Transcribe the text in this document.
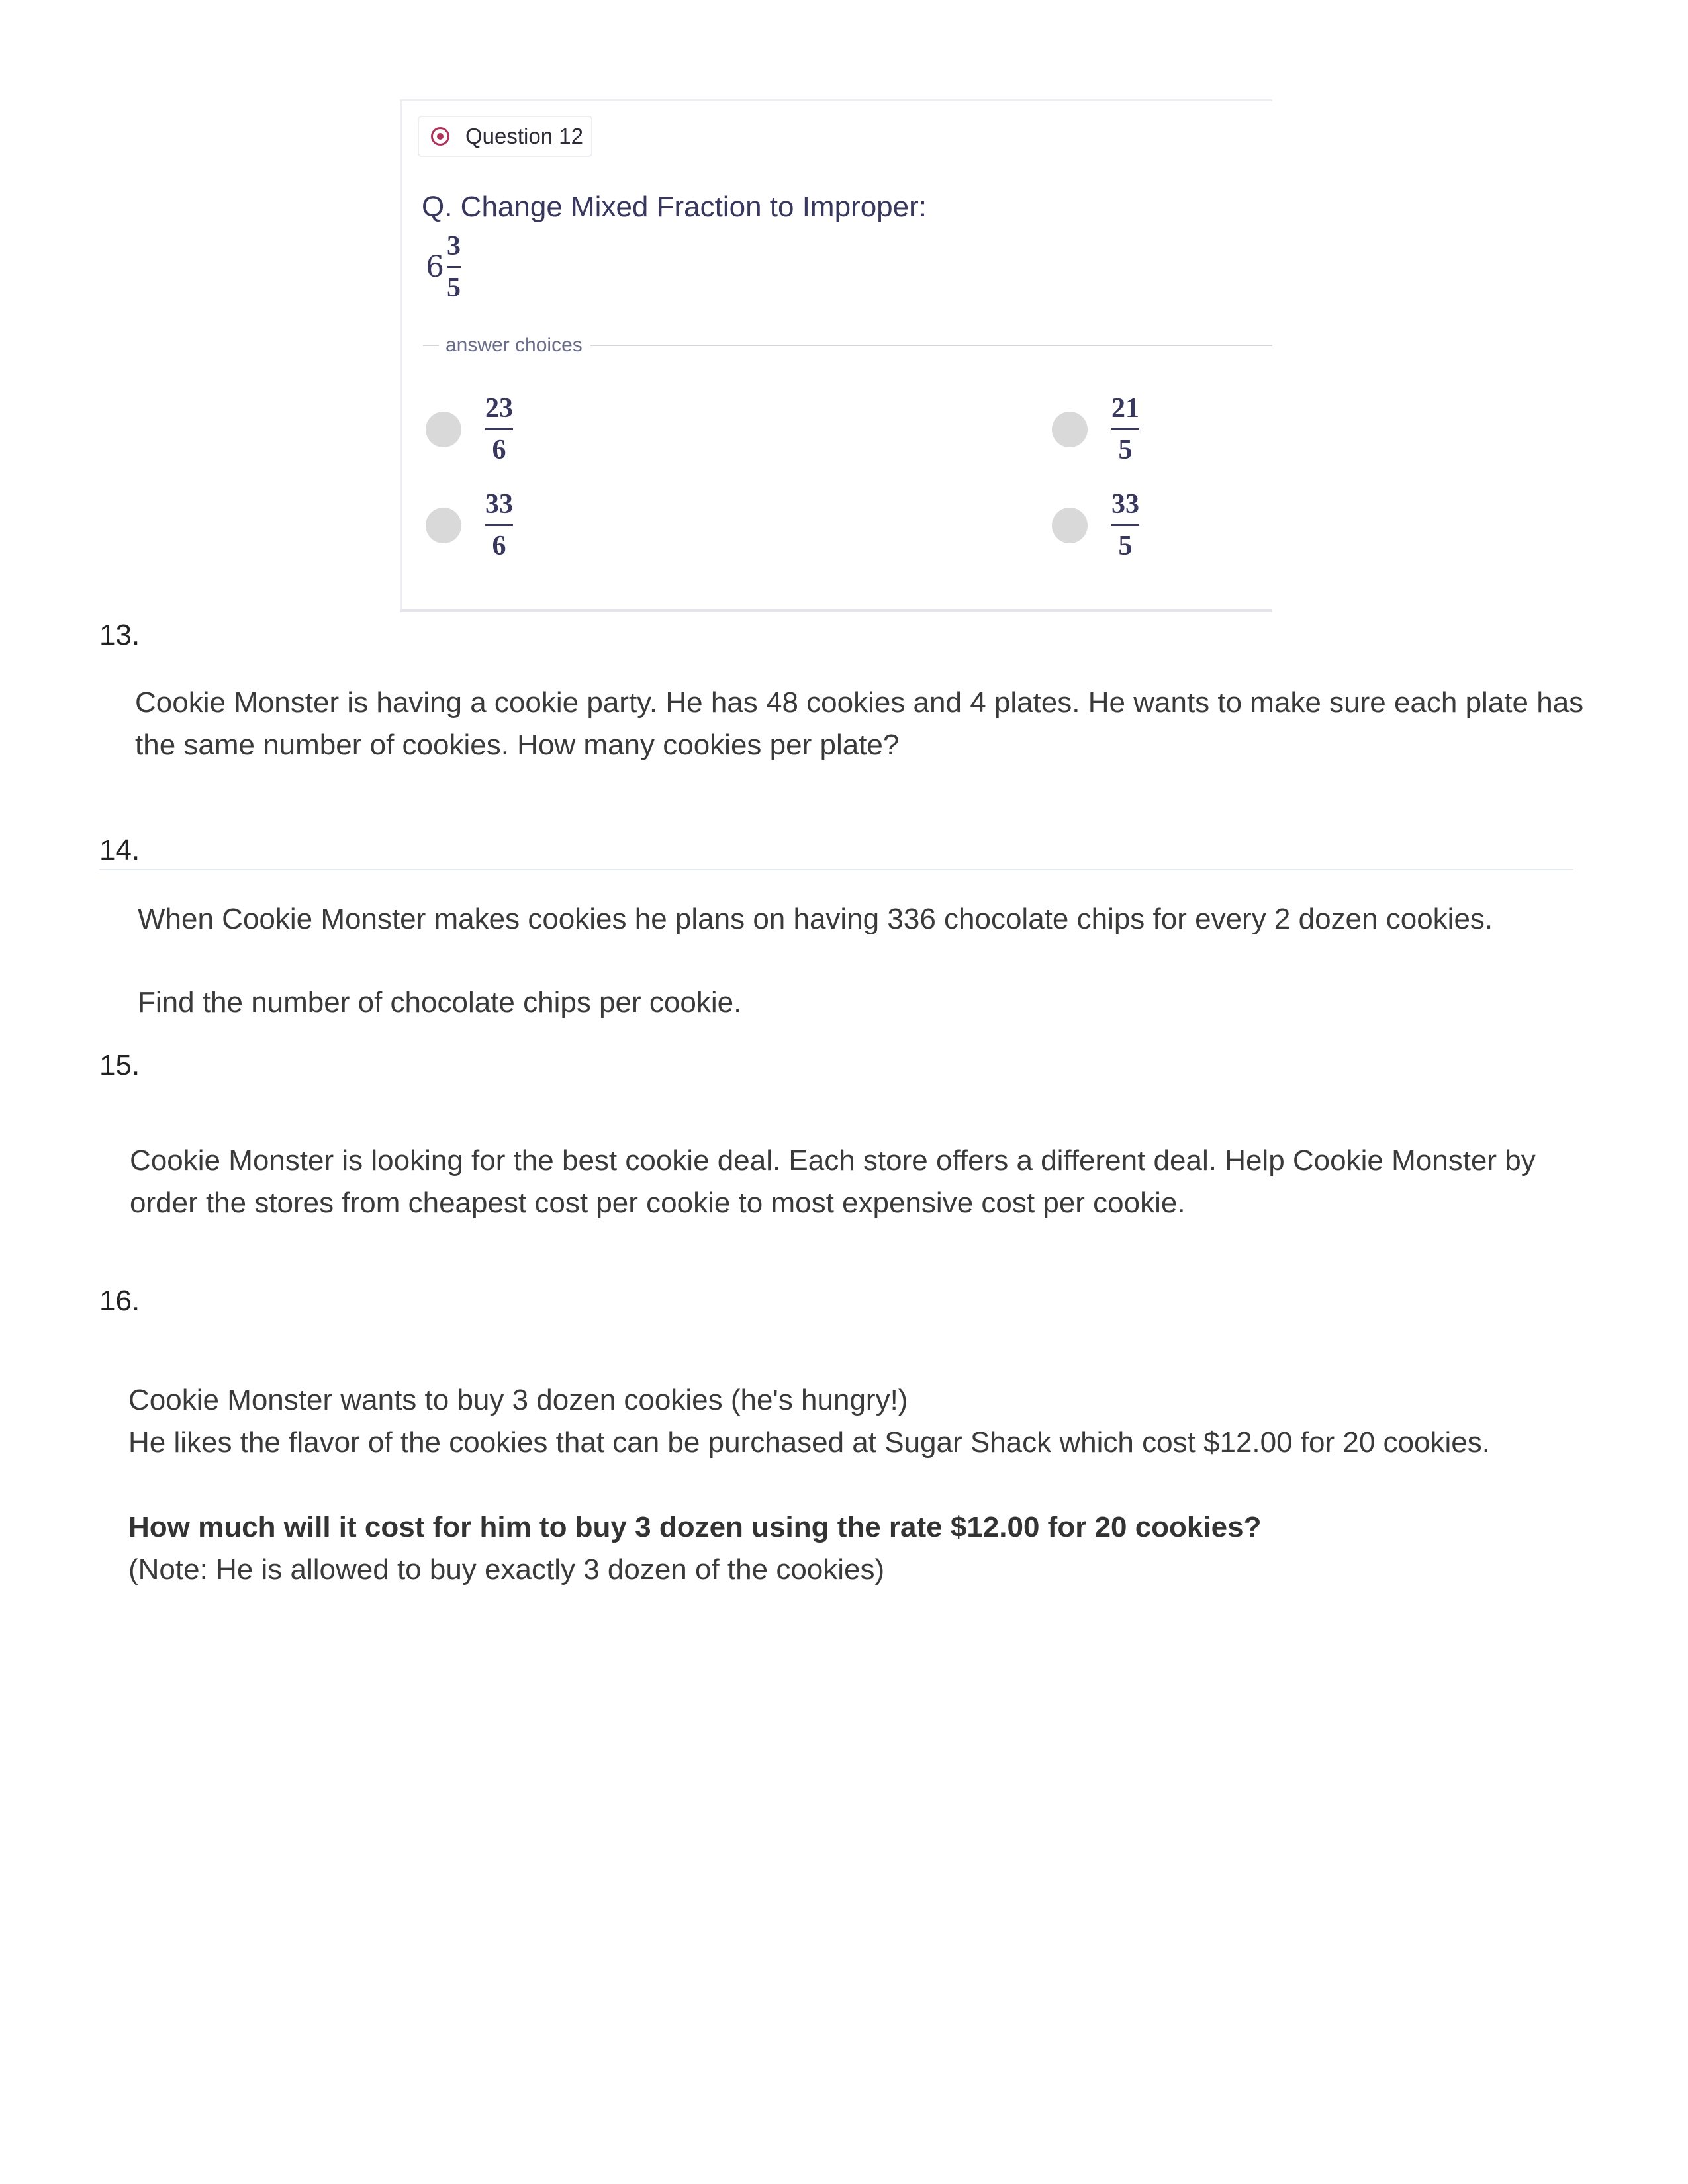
Question 12
Q. Change Mixed Fraction to Improper:
$6 \frac{3}{5}$
answer choices
$\frac{23}{6}$	$\frac{21}{5}$
$\frac{33}{6}$	$\frac{33}{5}$
13.
Cookie Monster is having a cookie party. He has 48 cookies and 4 plates. He wants to make sure each plate has
the same number of cookies. How many cookies per plate?
14.
When Cookie Monster makes cookies he plans on having 336 chocolate chips for every 2 dozen cookies.
Find the number of chocolate chips per cookie.
15.
Cookie Monster is looking for the best cookie deal. Each store offers a different deal. Help Cookie Monster by
order the stores from cheapest cost per cookie to most expensive cost per cookie.
16.
Cookie Monster wants to buy 3 dozen cookies (he's hungry!)
He likes the flavor of the cookies that can be purchased at Sugar Shack which cost $12.00 for 20 cookies.
How much will it cost for him to buy 3 dozen using the rate $12.00 for 20 cookies?
(Note: He is allowed to buy exactly 3 dozen of the cookies)
